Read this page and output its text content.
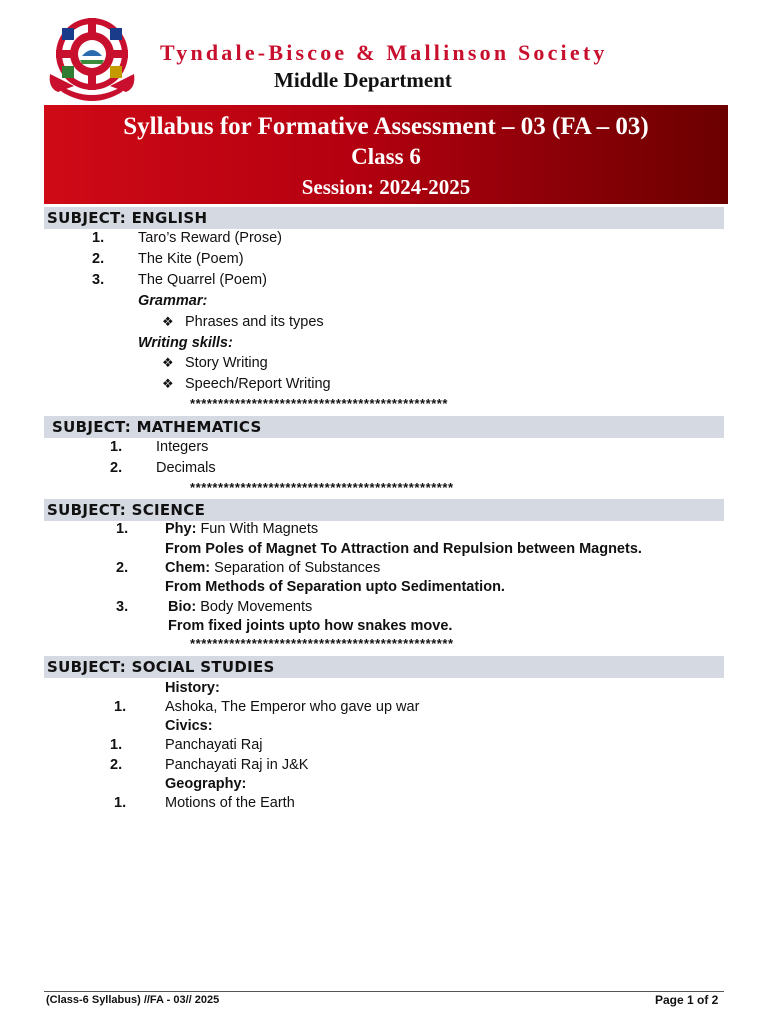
Tyndale-Biscoe & Mallinson Society
Middle Department
Syllabus for Formative Assessment – 03 (FA – 03)
Class 6
Session: 2024-2025
SUBJECT: ENGLISH
1. Taro’s Reward (Prose)
2. The Kite (Poem)
3. The Quarrel (Poem)
Grammar:
❖ Phrases and its types
Writing skills:
❖ Story Writing
❖ Speech/Report Writing
**********************************************
SUBJECT: MATHEMATICS
1. Integers
2. Decimals
***********************************************
SUBJECT: SCIENCE
1.	Phy: Fun With Magnets
From Poles of Magnet To Attraction and Repulsion between Magnets.
2.	Chem: Separation of Substances
From Methods of Separation upto Sedimentation.
3.	Bio: Body Movements
From fixed joints upto how snakes move.
***********************************************
SUBJECT: SOCIAL STUDIES
History:
1.	Ashoka, The Emperor who gave up war
Civics:
1.	Panchayati Raj
2.	Panchayati Raj in J&K
Geography:
1.	Motions of the Earth
(Class-6 Syllabus) //FA - 03// 2025	Page 1 of 2
